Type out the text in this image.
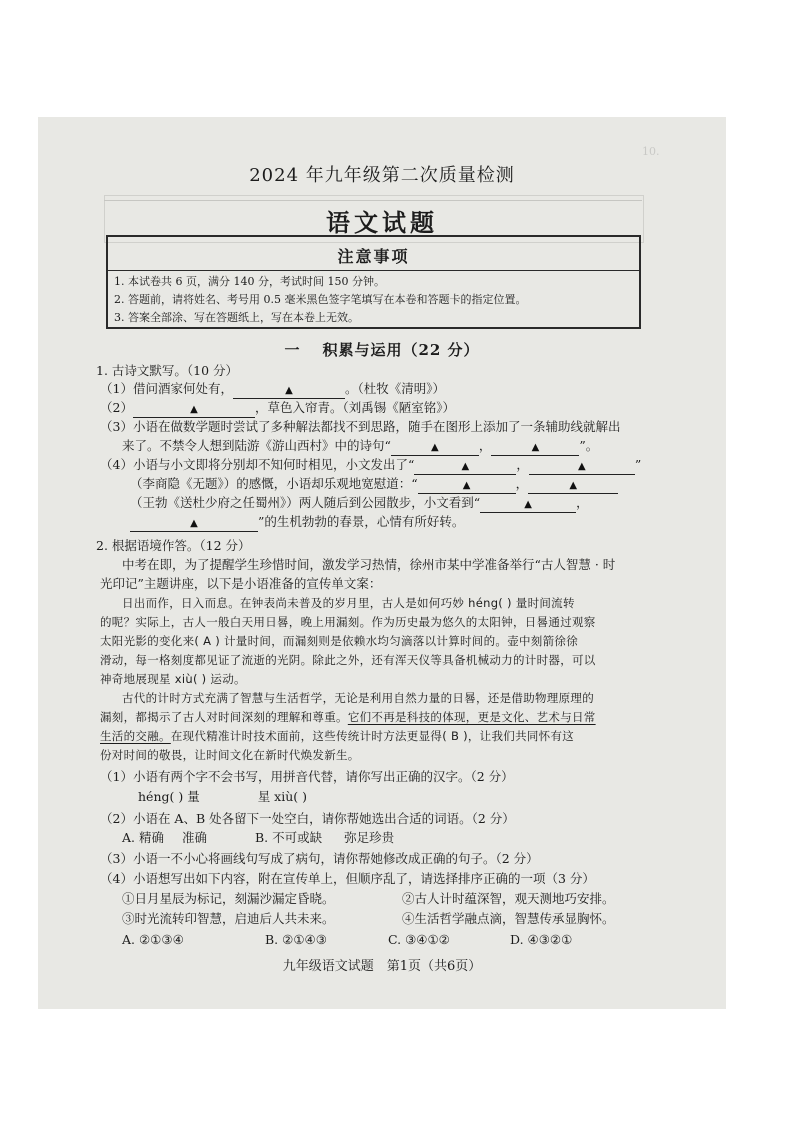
10.
2024 年九年级第二次质量检测
语文试题
注意事项
1. 本试卷共 6 页，满分 140 分，考试时间 150 分钟。
2. 答题前，请将姓名、考号用 0.5 毫米黑色签字笔填写在本卷和答题卡的指定位置。
3. 答案全部涂、写在答题纸上，写在本卷上无效。
一 积累与运用（22 分）
1. 古诗文默写。（10 分）
（1）借问酒家何处有，	▲	。（杜牧《清明》）
（2）	▲	，草色入帘青。（刘禹锡《陋室铭》）
（3）小语在做数学题时尝试了多种解法都找不到思路，随手在图形上添加了一条辅助线就解出
来了。不禁令人想到陆游《游山西村》中的诗句“	▲	，	▲	”。
（4）小语与小文即将分别却不知何时相见，小文发出了“	▲	，	▲	”
（李商隐《无题》）的感慨，小语却乐观地宽慰道：“	▲	，	▲
（王勃《送杜少府之任蜀州》）两人随后到公园散步，小文看到“	▲	，
▲	”的生机勃勃的春景，心情有所好转。
2. 根据语境作答。（12 分）
中考在即，为了提醒学生珍惜时间，激发学习热情，徐州市某中学准备举行“古人智慧 · 时
光印记”主题讲座，以下是小语准备的宣传单文案：
日出而作，日入而息。在钟表尚未普及的岁月里，古人是如何巧妙 héng( ) 量时间流转
的呢？实际上，古人一般白天用日晷，晚上用漏刻。作为历史最为悠久的太阳钟，日晷通过观察
太阳光影的变化来( A ) 计量时间，而漏刻则是依赖水均匀滴落以计算时间的。壶中刻箭徐徐
滑动，每一格刻度都见证了流逝的光阴。除此之外，还有浑天仪等具备机械动力的计时器，可以
神奇地展现星 xiù( ) 运动。
古代的计时方式充满了智慧与生活哲学，无论是利用自然力量的日晷，还是借助物理原理的
漏刻，都揭示了古人对时间深刻的理解和尊重。它们不再是科技的体现，更是文化、艺术与日常
生活的交融。在现代精准计时技术面前，这些传统计时方法更显得( B )，让我们共同怀有这
份对时间的敬畏，让时间文化在新时代焕发新生。
（1）小语有两个字不会书写，用拼音代替，请你写出正确的汉字。（2 分）
héng( ) 量	星 xiù( )
（2）小语在 A、B 处各留下一处空白，请你帮她选出合适的词语。（2 分）
A. 精确 准确	B. 不可或缺 弥足珍贵
（3）小语一不小心将画线句写成了病句，请你帮她修改成正确的句子。（2 分）
（4）小语想写出如下内容，附在宣传单上，但顺序乱了，请选择排序正确的一项（3 分）
①日月星辰为标记，刻漏沙漏定昏晓。	②古人计时蕴深智，观天测地巧安排。
③时光流转印智慧，启迪后人共未来。	④生活哲学融点滴，智慧传承显胸怀。
A. ②①③④	B. ②①④③	C. ③④①②	D. ④③②①
九年级语文试题　第1页（共6页）
